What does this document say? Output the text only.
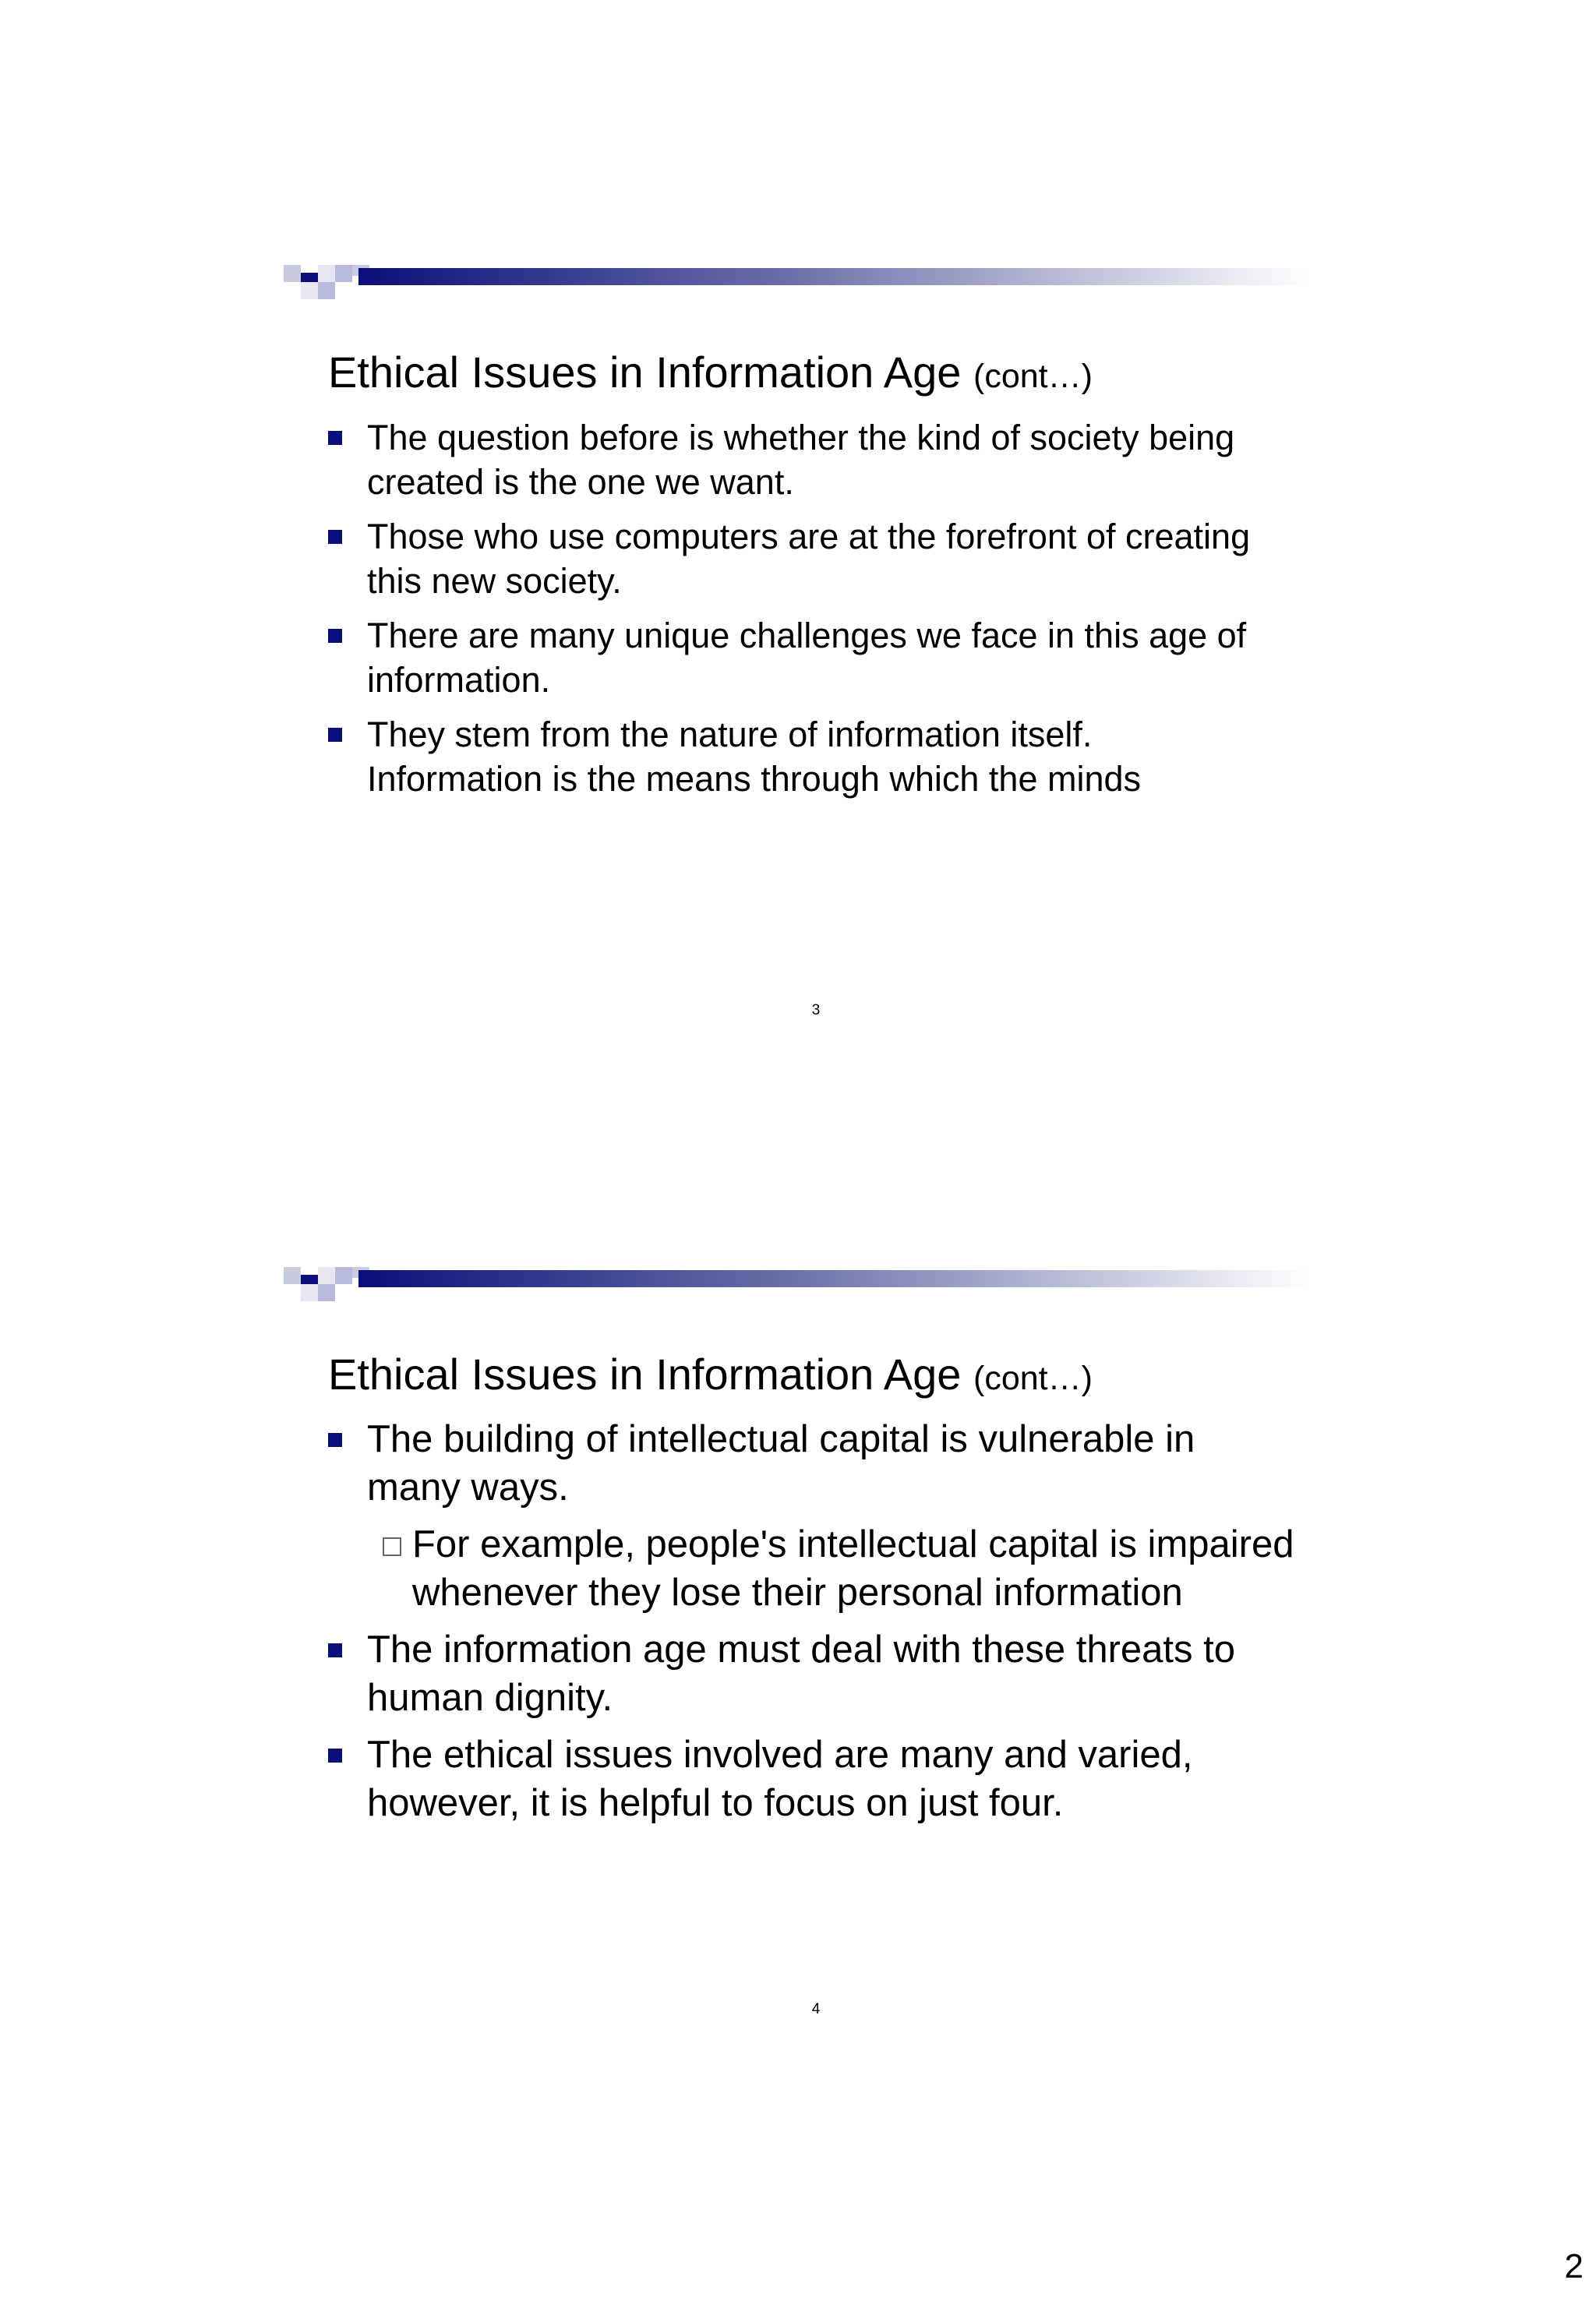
Ethical Issues in Information Age (cont…)
The question before is whether the kind of society being created is the one we want.
Those who use computers are at the forefront of creating this new society.
There are many unique challenges we face in this age of information.
They stem from the nature of information itself. Information is the means through which the minds
3
Ethical Issues in Information Age (cont…)
The building of intellectual capital is vulnerable in many ways.
For example, people's intellectual capital is impaired whenever they lose their personal information
The information age must deal with these threats to human dignity.
The ethical issues involved are many and varied, however, it is helpful to focus on just four.
4
2
